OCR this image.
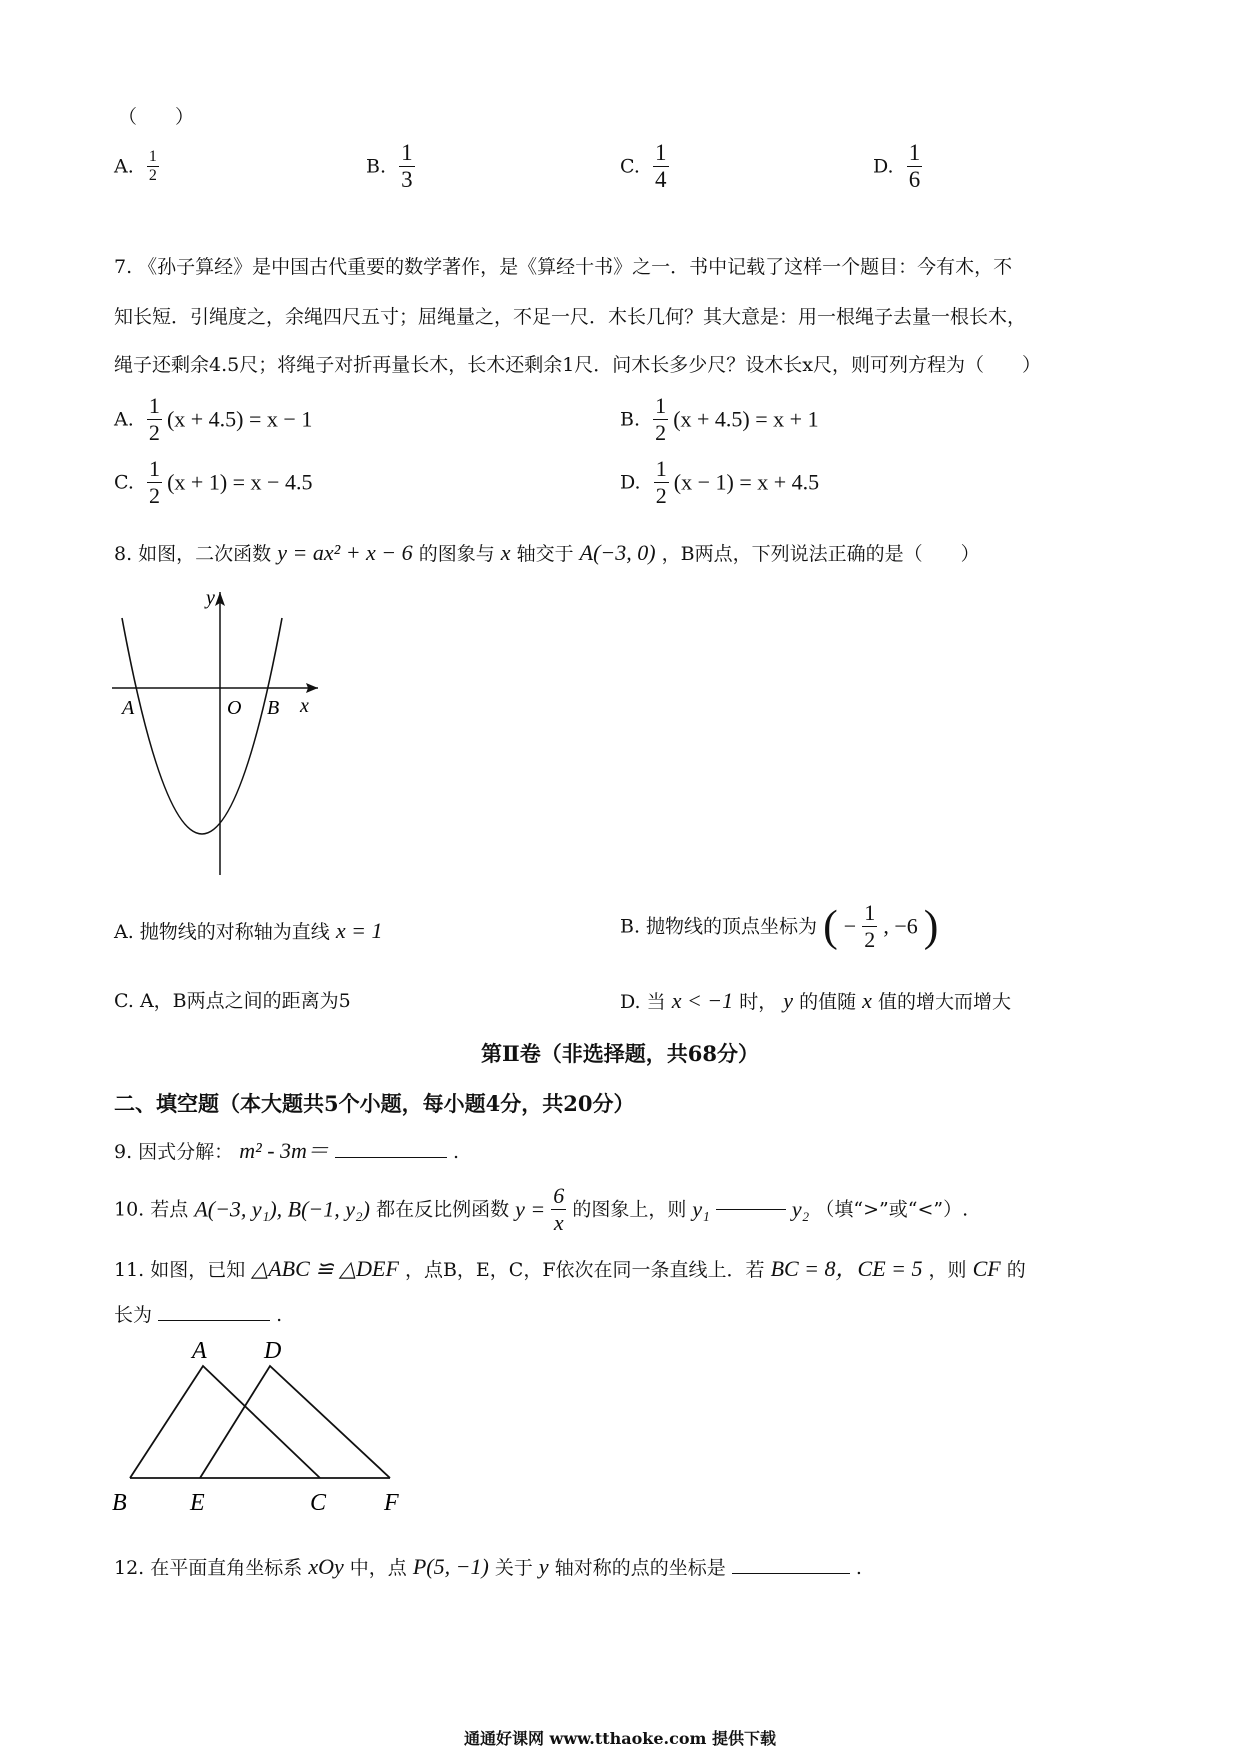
（　　）
A. $\frac{1}{2}$	B. $\frac{1}{3}$	C. $\frac{1}{4}$	D. $\frac{1}{6}$
7. 《孙子算经》是中国古代重要的数学著作，是《算经十书》之一．书中记载了这样一个题目：今有木，不
知长短．引绳度之，余绳四尺五寸；屈绳量之，不足一尺．木长几何？其大意是：用一根绳子去量一根长木，
绳子还剩余4.5尺；将绳子对折再量长木，长木还剩余1尺．问木长多少尺？设木长x尺，则可列方程为（　　）
A. $\frac{1}{2} (x + 4.5) = x - 1$	B. $\frac{1}{2} (x + 4.5) = x + 1$
C. $\frac{1}{2} (x + 1) = x - 4.5$	D. $\frac{1}{2} (x - 1) = x + 4.5$
8. 如图，二次函数 y = ax² + x − 6 的图象与 x 轴交于 A(−3, 0) ，B两点，下列说法正确的是（　　）
y
x
A	O B
A. 抛物线的对称轴为直线 x = 1	B. 抛物线的顶点坐标为 ( − $\frac{1}{2}$ , −6 )
C. A，B两点之间的距离为5	D. 当 x < −1 时， y 的值随 x 值的增大而增大
第Ⅱ卷（非选择题，共68分）
二、填空题（本大题共5个小题，每小题4分，共20分）
9. 因式分解： m² - 3m＝	.
10. 若点 A(−3, y₁), B(−1, y₂) 都在反比例函数 $y = \frac{6}{x}$ 的图象上，则 y₁	y₂ （填“>”或“<”）.
11. 如图，已知 △ABC ≌ △DEF ，点B，E，C，F依次在同一条直线上．若 BC = 8，CE = 5 ，则 CF 的
长为	.
A D
B	E	C F
12. 在平面直角坐标系 xOy 中，点 P(5, −1) 关于 y 轴对称的点的坐标是	.
通通好课网 www.tthaoke.com 提供下载
